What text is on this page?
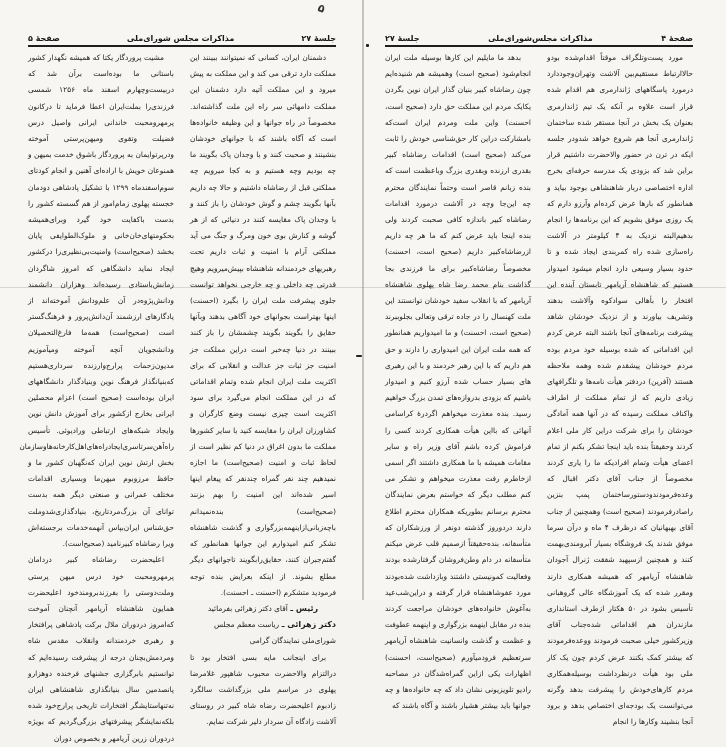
۵
جلسهٔ ۲۷
مذاکرات مجلس شورای‌ملی
صفحهٔ ۵

دشمنان ایران، کسانی که نمیتوانند ببینند این مملکت دارد ترقی می کند و این مملکت به پیش میرود و این مملکت آتیه دارد دشمنان این مملکت دامهائی سر راه این ملت گذاشته‌اند. مخصوصاً در راه جوانها و این وظیفه خانواده‌ها است که آگاه باشند که با جوانهای خودشان بنشینند و صحبت کنند و با وجدان پاک بگویند ما چه بودیم وچه هستیم و به کجا میرویم چه مملکتی قبل از رضاشاه داشتیم و حالا چه داریم بآنها بگویند چشم و گوش خودشان را باز کنند و با وجدان پاک مقایسه کنند در دنیائی که از هر گوشه و کنارش بوی خون ومرگ و جنگ می آید مملکتی آرام با امنیت و ثبات داریم تحت رهبریهای خردمندانه شاهنشاه بپیش‌میرویم وهیچ قدرتی چه داخلی و چه خارجی نخواهد توانست جلوی پیشرفت ملت ایران را بگیرد (احسنت) اینها بهتراست بجوانهای خود آگاهی بدهند وبآنها حقایق را بگویند بگویند چشمشان را باز کنند ببینند در دنیا چه‌خبر است دراین مملکت جز امنیت جز ثبات جز عدالت و انقلابی که برای اکثریت ملت ایران انجام شده وتمام اقداماتی که در این مملکت انجام می‌گیرد برای سود اکثریت است چیزی نیست وضع کارگران و کشاورزان ایران را مقایسه کنید با سایر کشورها مملکت ما بدون اغراق در دنیا کم نظیر است از لحاظ ثبات و امنیت (صحیح‌است) ما اجازه نمیدهیم چند نفر گمراه چندنفر که پیغام اینها اسیر شده‌اند این امنیت را بهم بزنند (صحیح‌است) بنده‌نمیدانم باچه‌زبانی‌ازاینهمه‌بزرگواری و گذشت شاهنشاه تشکر کنم امیدوارم این جوانها همانطور که گفتم‌جبران کنند، حقایق‌رابگویند تاجوانهای دیگر مطلع بشوند. از اینکه بعرایض بنده توجه فرمودید متشکرم (احسنت ـ احسنت).

رئیس ـ آقای دکتر زهرائی بفرمائید

دکتر زهرائی ـ ریاست معظم مجلس شورای‌ملی نمایندگان گرامی

برای اینجانب مایه بسی افتخار بود تا درالتزام والاحضرت محبوب شاهپور غلامرضا پهلوی در مراسم ملی بزرگداشت سالگرد زادبوم اعلیحضرت رضاه شاه کبیر در روستای آلاشت زادگاه آن سردار دلیر شرکت نمایم.

مشیت پروردگار یکتا که همیشه نگهدار کشور باستانی ما بوده‌است برآن شد که دربیست‌وچهارم اسفند ماه ۱۲۵۶ شمسی فرزندی‌را بملت‌ایران اعطا فرماید تا درکانون پرمهرومحبت خاندانی ایرانی واصیل درس فضیلت وتقوی ومیهن‌پرستی آموخته ودرپرتوایمان به پروردگار باشوق خدمت بمیهن و همنوعان خویش با اراده‌ای آهنین و انجام کودتای سوم‌اسفندماه ۱۲۹۹ با تشکیل پادشاهی دودمان خجسته پهلوی زمام‌امور از هم گسسته کشور را بدست باکفایت خود گیرد وبرای‌همیشه بحکومتهای‌خان‌خانی و ملوک‌الطوایفی پایان بخشد (صحیح‌است) وامنیت‌بی‌نظیری‌را درکشور ایجاد نماید دانشگاهی که امروز شاگردان زمانش‌باستادی رسیده‌اند وهزاران دانشمند ودانش‌پژوه‌در آن علم‌ودانش آموخته‌اند از یادگارهای ارزشمند آن‌دانش‌پرور و فرهنگ‌گستر است (صحیح‌است) همه‌ما فارغ‌التحصیلان ودانشجویان آنچه آموخته ومیآموزیم مدیون‌زحمات پرارج‌وارزنده سرداری‌هستیم که‌بنیانگذار فرهنگ نوین وبنیادگذار دانشگاههای ایران بوده‌است (صحیح است) اعزام محصلین ایرانی بخارج ازکشور برای آموزش دانش نوین وایجاد شبکه‌های ارتباطی ورادیوئی. تأسیس راه‌آهن‌سرتاسری‌ایجادراه‌های‌اهل‌کارخانه‌هاوسازمان بخش ارتش نوین ایران که‌نگهبان کشور ما و حافظ مرزوبوم میهن‌ما وبسیاری اقدامات مختلف عمرانی و صنعتی دیگر همه بدست توانای آن بزرگ‌مرد‌تاریخ، بنیادگذاری‌شدوملت حق‌شناس ایران‌بپاس آنهمه‌خدمات برجسته‌اش ویرا رضاشاه کبیرنامید (صحیح‌است).

اعلیحضرت رضاشاه کبیر دردامان پرمهرومحبت خود درس میهن پرستی وملت‌دوستی را بفرزندبرومندخود اعلیحضرت همایون شاهنشاه آریامهر آنچنان آموخت که‌امروز دردوران ملال برکت پادشاهی پرافتخار و رهبری خردمندانه وانقلاب مقدس شاه ومردمش‌بچنان درجه از پیشرفت رسیده‌ایم که توانستیم بابرگزاری جشنهای فرخنده دوهزارو پانصدمین سال بنیانگذاری شاهنشاهی ایران نه‌تنهاستایشگر افتخارات تاریخی پرارج‌خود شده بلکه‌نمایشگر پیشرفتهای بزرگی‌گردیم که بویژه دردوران زرین آریامهر و بخصوص دوران

صفحهٔ ۴
مذاکرات مجلس‌شورای‌ملی
جلسهٔ ۲۷

مورد پست‌وتلگراف موقتاً اقدام‌شده بودو حالاارتباط مستقیم‌بین آلاشت وتهران‌وجوددارد درمورد پاسگاههای ژاندارمری هم اقدام شده قرار است علاوه بر آنکه یک تیم ژاندارمری بعنوان یک بخش در آنجا مستقر شده ساختمان ژاندارمری آنجا هم شروع خواهد شدودر جلسه ایکه در ترن در حضور والاحضرت داشتیم قرار براین شد که بزودی یک مدرسه حرفه‌ای بخرج اداره اختصاصی دربار شاهنشاهی بوجود بیاید و همانطور که بارها عرض کرده‌ام وآرزو دارم که یک روزی موفق بشویم که این برنامه‌ها را انجام بدهیم‌البته نزدیک به ۴ کیلومتر در آلاشت راه‌سازی شده راه کمربندی ایجاد شده و تا حدود بسیار وسیعی دارد انجام میشود امیدوار هستیم که شاهنشاه آریامهر تابستان آینده این افتخار را بأهالی سوادکوه وآلاشت بدهند وتشریف بیاورند و از نزدیک خودشان شاهد پیشرفت برنامه‌های آنجا باشند البته عرض کردم این اقداماتی که شده بوسیله خود مردم بوده مردم خودشان پیشقدم شده وهمه ملاحظه هستند (آفرین) دردفتر هیأت نامه‌ها و تلگرافهای زیادی داریم که از تمام مملکت از اطراف واکناف مملکت رسیده که در آنها همه آمادگی خودشان را برای شرکت دراین کار ملی اعلام کردند وحقیقتاً بنده باید اینجا تشکر بکنم از تمام اعضای هیأت وتمام افرادیکه ما را یاری کردند مخصوصاً از جناب آقای دکتر اقبال که وعده‌فرمودندودستورساختمان پمپ بنزین راصادرفرمودند (صحیح است) وهمچنین از جناب آقای بهبهانیان که درظرف ۴ ماه و درآن سرما موفق شدند یک فروشگاه بسیار آبرومندی‌بهمت کنند و همچنین ازسپهبد شفقت ژنرال آجودان شاهنشاه آریامهر که همیشه همکاری دارند ومقرر شده که یک آموزشگاه عالی گروهبانی تأسیس بشود در ۵۰ هکتار ازطرف استانداری مازندران هم اقداماتی شده‌جناب آقای وزیرکشور خیلی صحبت فرمودند ووعده‌فرمودند که بیشتر کمک بکنند عرض کردم چون یک کار ملی بود هیأت درنظرداشت بوسیله‌همکاری مردم کارهای‌خودش را پیشرفت بدهد وگرنه می‌توانست یک بودجه‌ای اختصاص بدهد و برود آنجا بنشیند وکارها را انجام

بدهد ما مایلیم این کارها بوسیله ملت ایران انجام‌شود (صحیح است) وهمیشه هم شنیده‌ایم چون رضاشاه کبیر بنیان گذار ایران نوین بگردن یکایک مردم این مملکت حق دارد (صحیح است، احسنت) واین ملت ومردم ایران است‌که بامشارکت دراین کار حق‌شناسی خودش را ثابت می‌کند (صحیح است) اقدامات رضاشاه کبیر بقدری ارزنده وبقدری بزرگ وباعظمت است که بنده زبانم قاصر است وحتماً نمایندگان محترم چه این‌جا وچه در آلاشت درمورد اقدامات رضاشاه کبیر باندازه کافی صحبت کردند ولی بنده اینجا باید عرض کنم که ما هر چه داریم ازرضاشاه‌کبیر داریم (صحیح است، احسنت) مخصوصاً رضاشاه‌کبیر برای ما فرزندی بجا گذاشت بنام محمد رضا شاه پهلوی شاهنشاه آریامهر که با انقلاب سفید خودشان توانستند این ملت کهنسال را در جاده ترقی وتعالی بجلوببرند (صحیح است، احسنت) و ما امیدواریم همانطور که همه ملت ایران این امیدواری را دارند و حق هم داریم که با این رهبر خردمند و با این رهبری های بسیار حساب شده آرزو کنیم و امیدوار باشیم که بزودی بدروازه‌های تمدن بزرگ خواهیم رسید. بنده معذرت میخواهم اگردرهٔ کراسامی آنهائی که بااین هیأت همکاری کردند کسی را فراموش کرده باشم آقای وزیر راه و سایر مقامات همیشه با ما همکاری داشتند اگر اسمی ازخاطرم رفت معذرت میخواهم و تشکر می کنم مطلب دیگر که خواستم بعرض نمایندگان محترم برسانم بطوریکه همکاران محترم اطلاع دارند دردوروز گذشته دونفر از ورزشکاران که متأسفانه، بنده‌حقیقتاً ازصمیم قلب عرض میکنم متأسفانه در دام وطن‌فروشان گرفتارشده بودند وفعالیت کمونیستی داشتند وبازداشت شده‌بودند مورد عفوشاهنشاه قرار گرفته و دراین‌شب‌عید به‌آغوش خانواده‌های خودشان مراجعت کردند بنده در مقابل اینهمه بزرگواری و اینهمه عطوفت و عظمت و گذشت وانسانیت شاهنشاه آریامهر سرتعظیم فرودمیآورم (صحیح‌است، احسنت) اظهارات یکی ازاین گمراه‌شدگان در مصاحبه رادیو تلویزیونی نشان داد که چه خانواده‌ها و چه جوانها باید بیشتر هشیار باشند و آگاه باشند که
